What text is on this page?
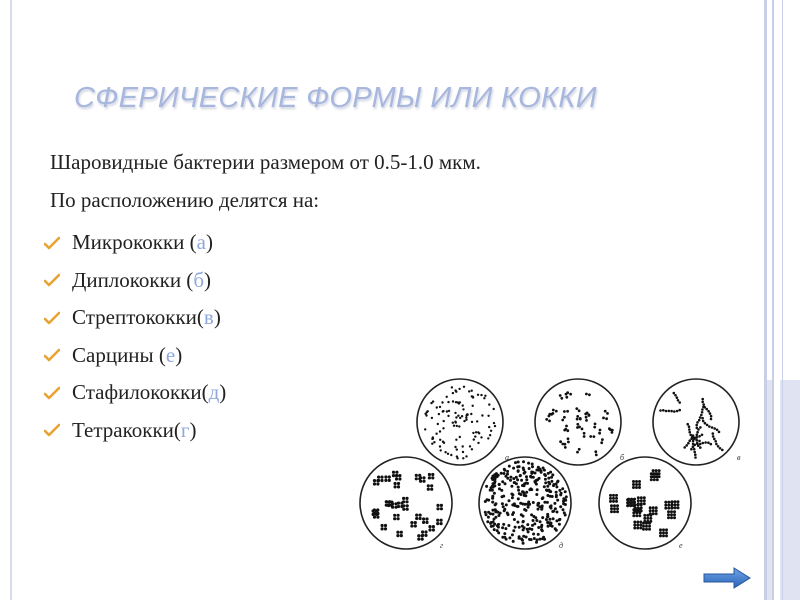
СФЕРИЧЕСКИЕ ФОРМЫ ИЛИ КОККИ
Шаровидные бактерии размером от 0.5-1.0 мкм.
По расположению делятся на:
Микрококки ( а )
Диплококки ( б )
Стрептококки( в )
Сарцины ( е )
Стафилококки( д )
Тетракокки( г )
а	б	в
г	д	е
